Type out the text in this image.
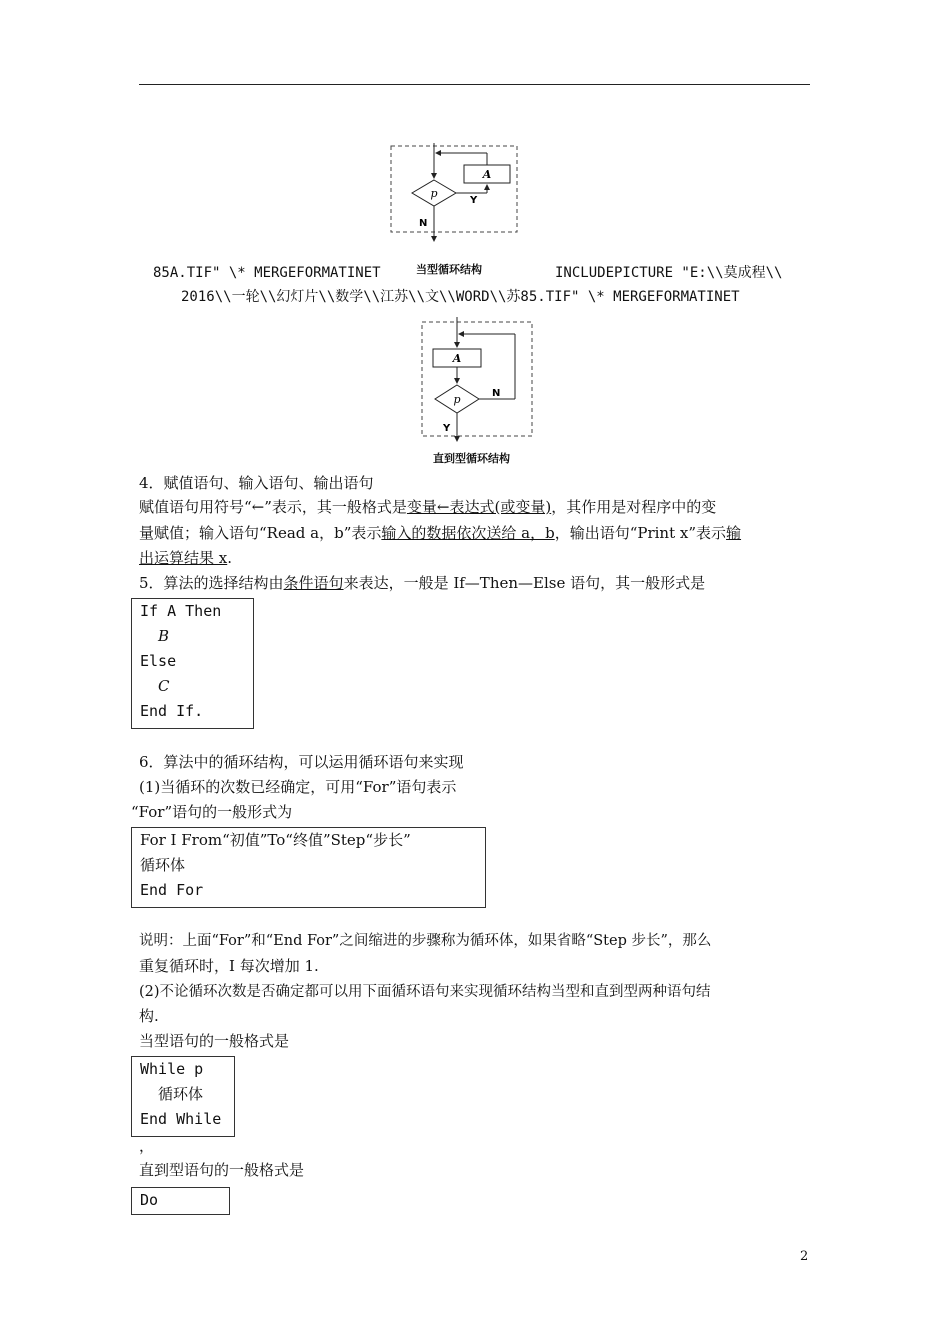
p
A
Y
N
85A.TIF" \* MERGEFORMATINET	当型循环结构	INCLUDEPICTURE "E:\\莫成程\\
2016\\一轮\\幻灯片\\数学\\江苏\\文\\WORD\\苏85.TIF" \* MERGEFORMATINET
A
p	N
Y
直到型循环结构
4．赋值语句、输入语句、输出语句
赋值语句用符号“←”表示，其一般格式是变量←表达式(或变量)，其作用是对程序中的变
量赋值；输入语句“Read a，b”表示输入的数据依次送给 a，b，输出语句“Print x”表示输
出运算结果 x.
5．算法的选择结构由条件语句来表达，一般是 If—Then—Else 语句，其一般形式是
If A Then
B
Else
C
End If.
6．算法中的循环结构，可以运用循环语句来实现
(1)当循环的次数已经确定，可用“For”语句表示
“For”语句的一般形式为
For I From“初值”To“终值”Step“步长”
循环体
End For
说明：上面“For”和“End For”之间缩进的步骤称为循环体，如果省略“Step 步长”，那么
重复循环时，I 每次增加 1.
(2)不论循环次数是否确定都可以用下面循环语句来实现循环结构当型和直到型两种语句结
构.
当型语句的一般格式是
While p
循环体
End While
，
直到型语句的一般格式是
Do
2
